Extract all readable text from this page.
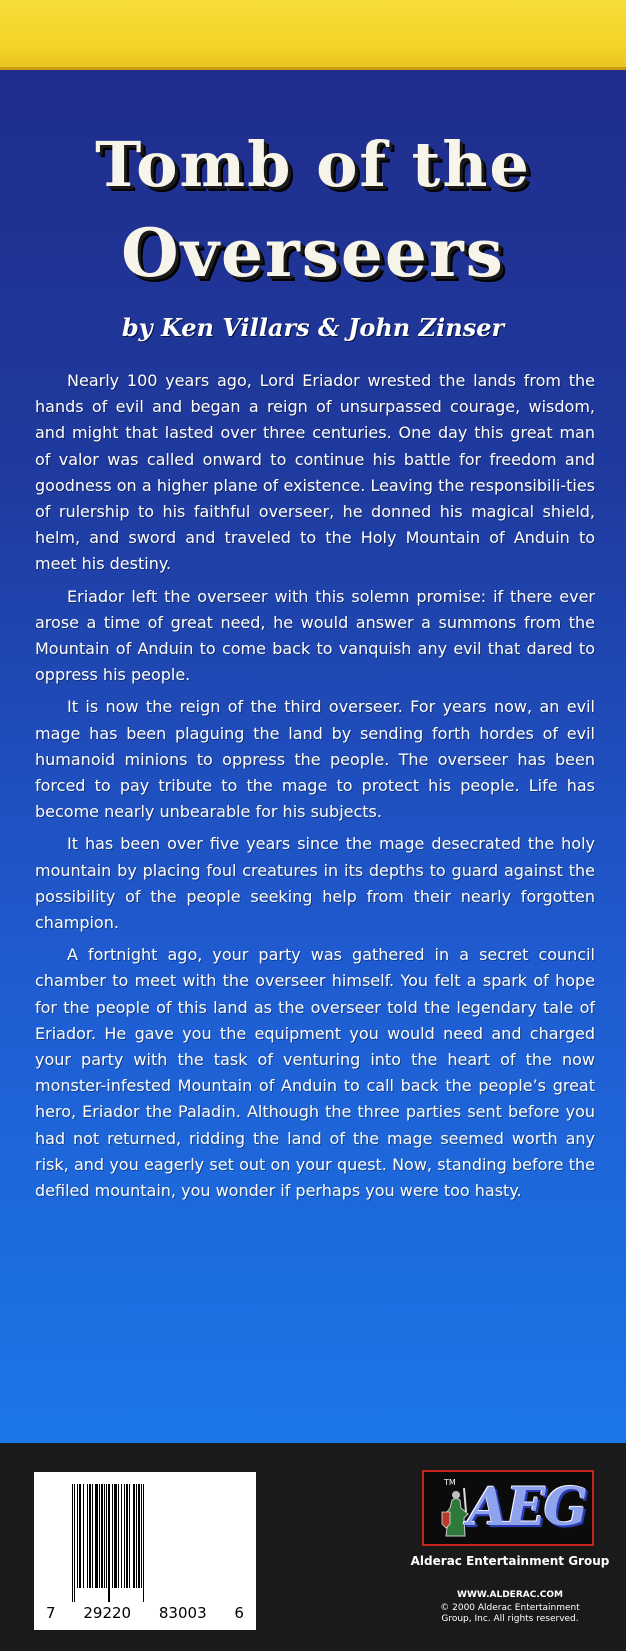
Tomb of the
Overseers
by Ken Villars & John Zinser

Nearly 100 years ago, Lord Eriador wrested the lands from the hands of evil and began a reign of unsurpassed courage, wisdom, and might that lasted over three centuries. One day this great man of valor was called onward to continue his battle for freedom and goodness on a higher plane of existence. Leaving the responsibili-ties of rulership to his faithful overseer, he donned his magical shield, helm, and sword and traveled to the Holy Mountain of Anduin to meet his destiny.

Eriador left the overseer with this solemn promise: if there ever arose a time of great need, he would answer a summons from the Mountain of Anduin to come back to vanquish any evil that dared to oppress his people.

It is now the reign of the third overseer. For years now, an evil mage has been plaguing the land by sending forth hordes of evil humanoid minions to oppress the people. The overseer has been forced to pay tribute to the mage to protect his people. Life has become nearly unbearable for his subjects.

It has been over five years since the mage desecrated the holy mountain by placing foul creatures in its depths to guard against the possibility of the people seeking help from their nearly forgotten champion.

A fortnight ago, your party was gathered in a secret council chamber to meet with the overseer himself. You felt a spark of hope for the people of this land as the overseer told the legendary tale of Eriador. He gave you the equipment you would need and charged your party with the task of venturing into the heart of the now monster-infested Mountain of Anduin to call back the people’s great hero, Eriador the Paladin. Although the three parties sent before you had not returned, ridding the land of the mage seemed worth any risk, and you eagerly set out on your quest. Now, standing before the defiled mountain, you wonder if perhaps you were too hasty.

7 29220 83003 6
TM AEG
Alderac Entertainment Group
WWW.ALDERAC.COM
© 2000 Alderac Entertainment
Group, Inc. All rights reserved.
